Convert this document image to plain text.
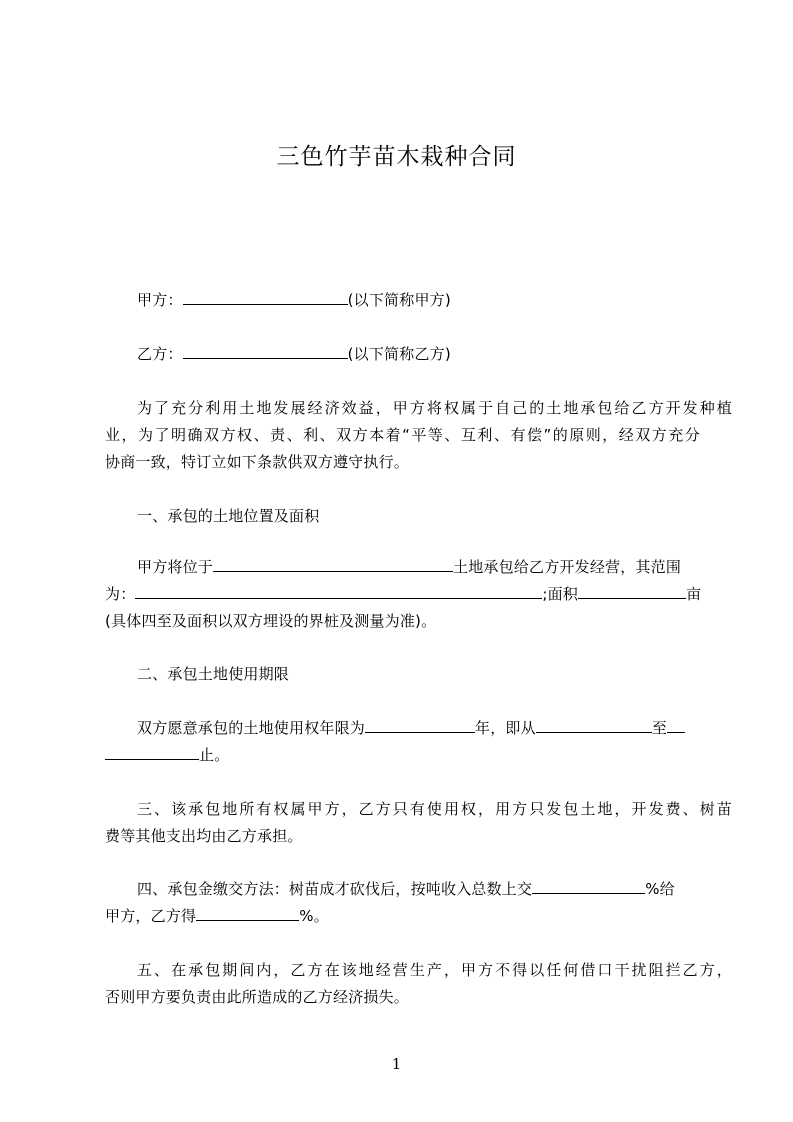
三色竹芋苗木栽种合同
甲方：	(以下简称甲方)
乙方：	(以下简称乙方)
为了充分利用土地发展经济效益，甲方将权属于自己的土地承包给乙方开发种植
业，为了明确双方权、责、利、双方本着“平等、互利、有偿”的原则，经双方充分
协商一致，特订立如下条款供双方遵守执行。
一、承包的土地位置及面积
甲方将位于	土地承包给乙方开发经营，其范围
为：	;面积	亩
(具体四至及面积以双方埋设的界桩及测量为准)。
二、承包土地使用期限
双方愿意承包的土地使用权年限为	年，即从	至
止。
三、该承包地所有权属甲方，乙方只有使用权，用方只发包土地，开发费、树苗
费等其他支出均由乙方承担。
四、承包金缴交方法：树苗成才砍伐后，按吨收入总数上交	%给
甲方，乙方得	%。
五、在承包期间内，乙方在该地经营生产，甲方不得以任何借口干扰阻拦乙方，
否则甲方要负责由此所造成的乙方经济损失。
1
